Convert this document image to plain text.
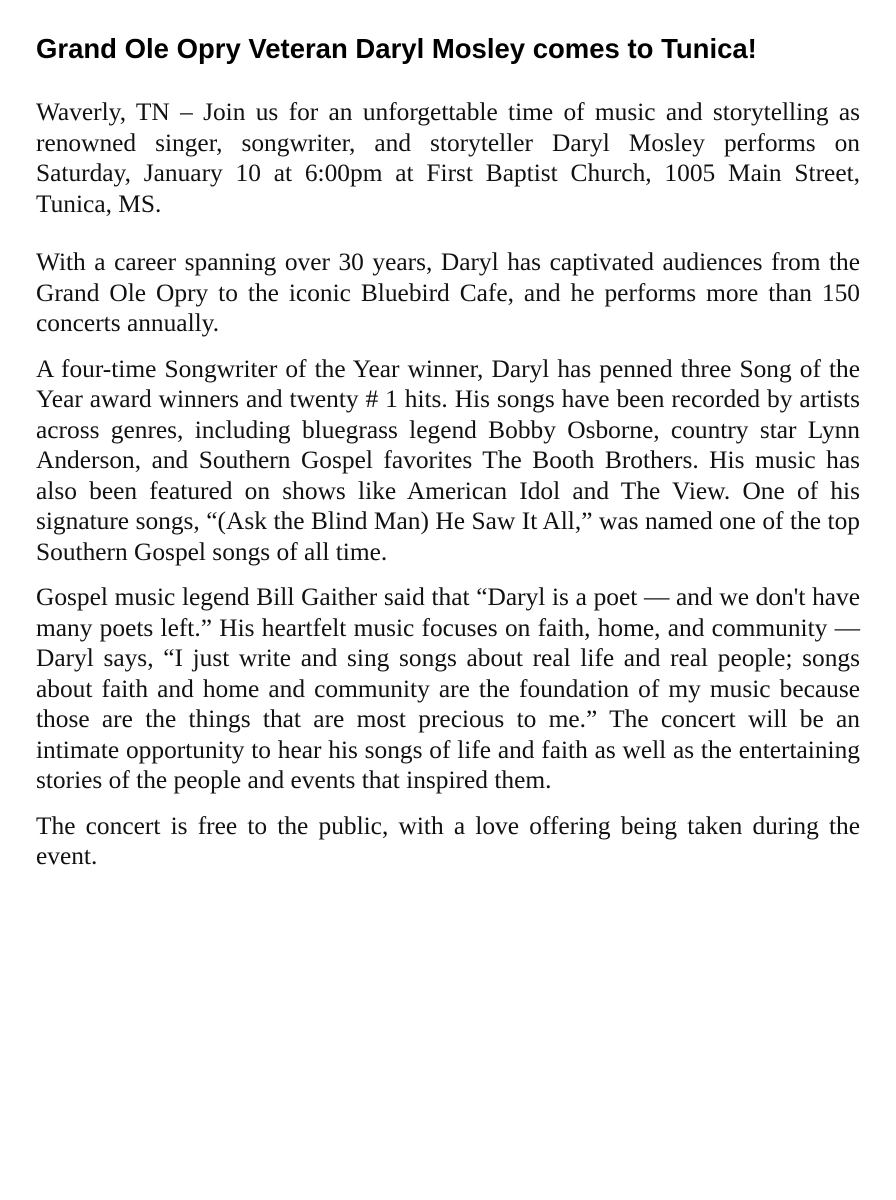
Grand Ole Opry Veteran Daryl Mosley comes to Tunica!

Waverly, TN – Join us for an unforgettable time of music and storytelling as renowned singer, songwriter, and storyteller Daryl Mosley performs on Saturday, January 10 at 6:00pm at First Baptist Church, 1005 Main Street, Tunica, MS.

With a career spanning over 30 years, Daryl has captivated audiences from the Grand Ole Opry to the iconic Bluebird Cafe, and he performs more than 150 concerts annually.

A four-time Songwriter of the Year winner, Daryl has penned three Song of the Year award winners and twenty # 1 hits. His songs have been recorded by artists across genres, including bluegrass legend Bobby Osborne, country star Lynn Anderson, and Southern Gospel favorites The Booth Brothers. His music has also been featured on shows like American Idol and The View. One of his signature songs, “(Ask the Blind Man) He Saw It All,” was named one of the top Southern Gospel songs of all time.

Gospel music legend Bill Gaither said that “Daryl is a poet — and we don't have many poets left.” His heartfelt music focuses on faith, home, and community — Daryl says, “I just write and sing songs about real life and real people; songs about faith and home and community are the foundation of my music because those are the things that are most precious to me.” The concert will be an intimate opportunity to hear his songs of life and faith as well as the entertaining stories of the people and events that inspired them.

The concert is free to the public, with a love offering being taken during the event.
